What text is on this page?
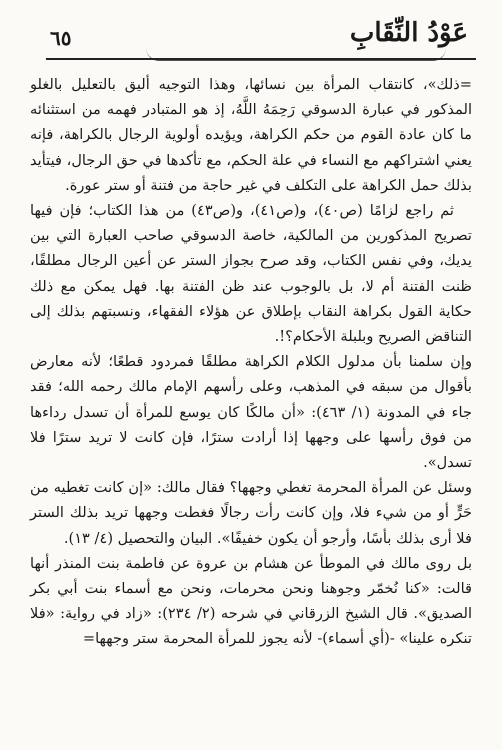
عَوْدُ النِّقَابِ
٦٥

=ذلك»، كانتقاب المرأة بين نسائها، وهذا التوجيه أليق بالتعليل بالغلو المذكور في عبارة الدسوقي رَحِمَهُ اللَّهُ، إذ هو المتبادر فهمه من استثنائه ما كان عادة القوم من حكم الكراهة، ويؤيده أولوية الرجال بالكراهة، فإنه يعني اشتراكهم مع النساء في علة الحكم، مع تأكدها في حق الرجال، فيتأيد بذلك حمل الكراهة على التكلف في غير حاجة من فتنة أو ستر عورة.

ثم راجع لزامًا (ص٤٠)، و(ص٤١)، و(ص٤٣) من هذا الكتاب؛ فإن فيها تصريح المذكورين من المالكية، خاصة الدسوقي صاحب العبارة التي بين يديك، وفي نفس الكتاب، وقد صرح بجواز الستر عن أعين الرجال مطلقًا، ظنت الفتنة أم لا، بل بالوجوب عند ظن الفتنة بها. فهل يمكن مع ذلك حكاية القول بكراهة النقاب بإطلاق عن هؤلاء الفقهاء، ونسبتهم بذلك إلى التناقض الصريح وبلبلة الأحكام؟!.

وإن سلمنا بأن مدلول الكلام الكراهة مطلقًا فمردود قطعًا؛ لأنه معارض بأقوال من سبقه في المذهب، وعلى رأسهم الإمام مالك رحمه الله؛ فقد جاء في المدونة (١/ ٤٦٣): «أن مالكًا كان يوسع للمرأة أن تسدل رداءها من فوق رأسها على وجهها إذا أرادت سترًا، فإن كانت لا تريد سترًا فلا تسدل».

وسئل عن المرأة المحرمة تغطي وجهها؟ فقال مالك: «إن كانت تغطيه من حَرٍّ أو من شيء فلا، وإن كانت رأت رجالًا فغطت وجهها تريد بذلك الستر فلا أرى بذلك بأسًا، وأرجو أن يكون خفيفًا». البيان والتحصيل (٤/ ١٣).

بل روى مالك في الموطأ عن هشام بن عروة عن فاطمة بنت المنذر أنها قالت: «كنا نُخمّر وجوهنا ونحن محرمات، ونحن مع أسماء بنت أبي بكر الصديق». قال الشيخ الزرقاني في شرحه (٢/ ٢٣٤): «زاد في رواية: «فلا تنكره علينا» -(أي أسماء)- لأنه يجوز للمرأة المحرمة ستر وجهها=
